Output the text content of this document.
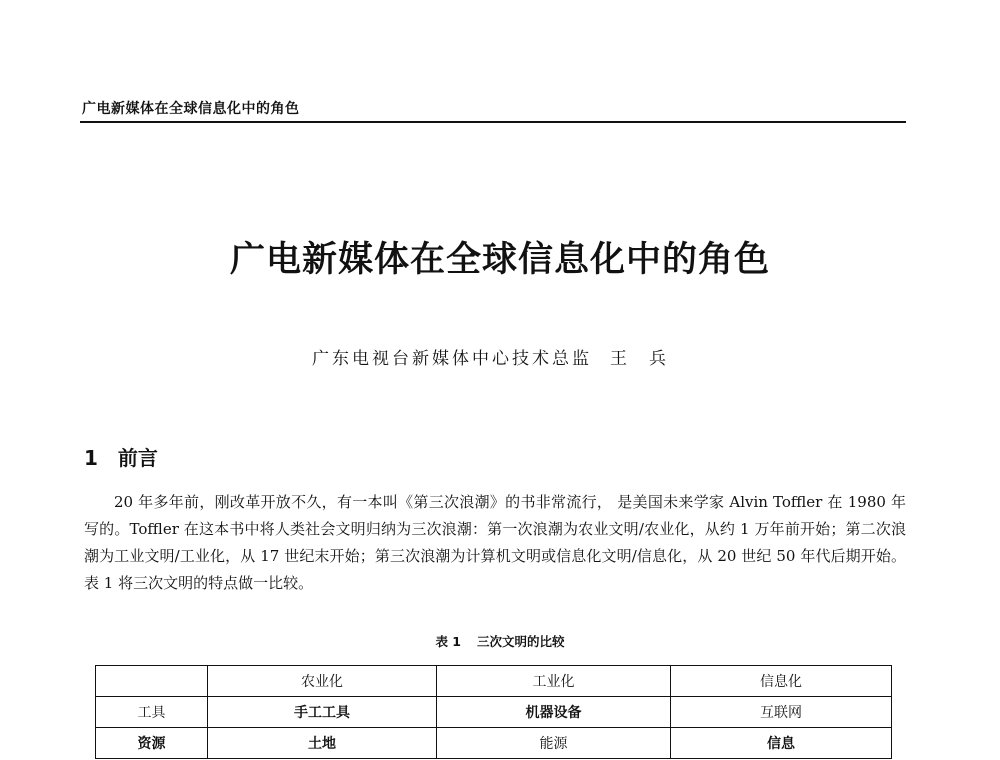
广电新媒体在全球信息化中的角色
广电新媒体在全球信息化中的角色
广东电视台新媒体中心技术总监 王兵
1 前言

20 年多年前，刚改革开放不久，有一本叫《第三次浪潮》的书非常流行， 是美国未来学家 Alvin Toffler 在 1980 年写的。Toffler 在这本书中将人类社会文明归纳为三次浪潮：第一次浪潮为农业文明/农业化，从约 1 万年前开始；第二次浪潮为工业文明/工业化，从 17 世纪末开始；第三次浪潮为计算机文明或信息化文明/信息化，从 20 世纪 50 年代后期开始。表 1 将三次文明的特点做一比较。

表 1 三次文明的比较
	农业化	工业化	信息化
工具	手工工具	机器设备	互联网
资源	土地	能源	信息
